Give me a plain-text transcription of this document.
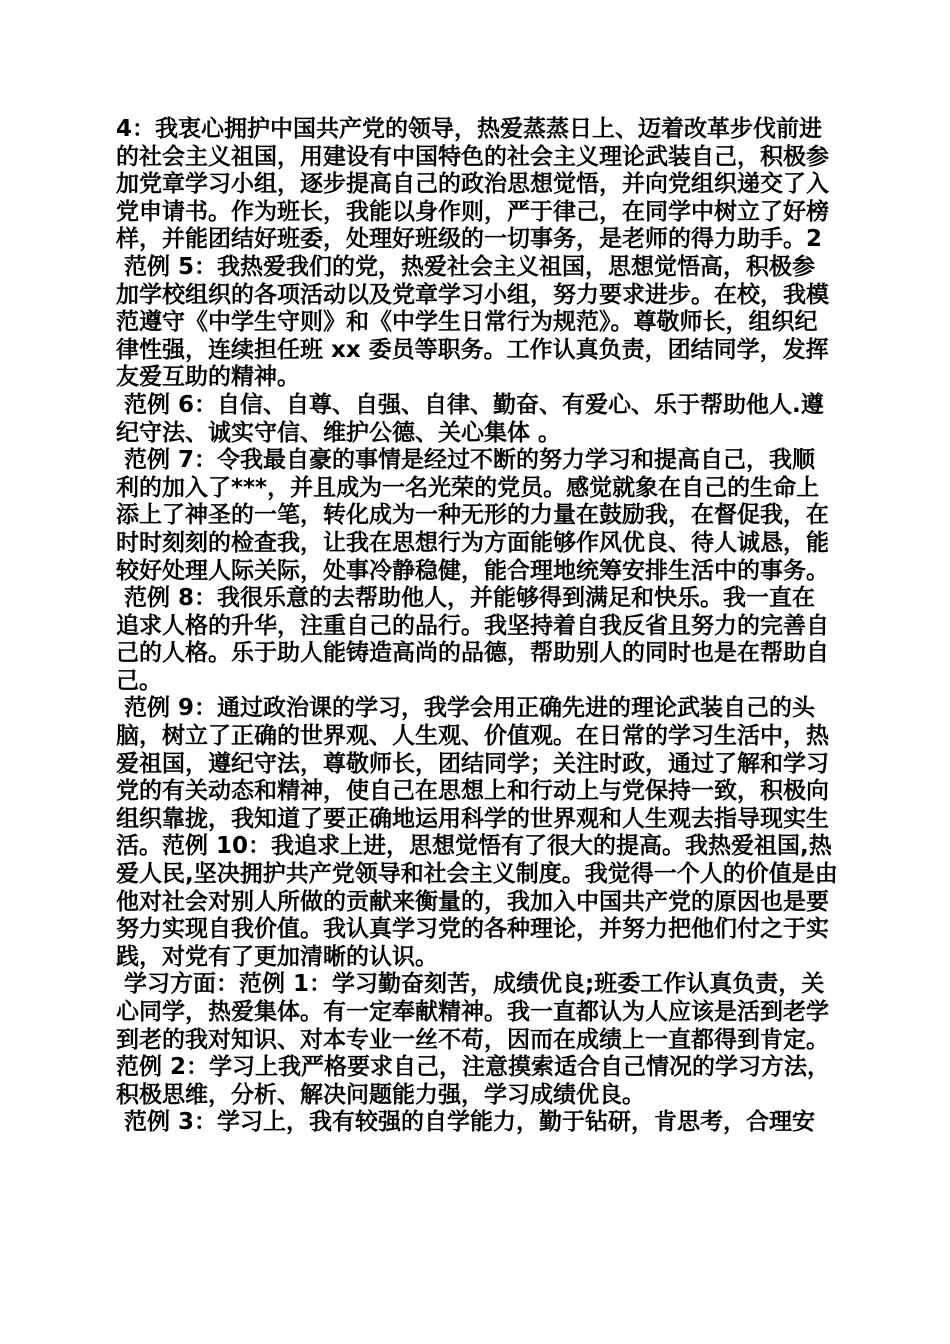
4：我衷心拥护中国共产党的领导，热爱蒸蒸日上、迈着改革步伐前进的社会主义祖国，用建设有中国特色的社会主义理论武装自己，积极参加党章学习小组，逐步提高自己的政治思想觉悟，并向党组织递交了入党申请书。作为班长，我能以身作则，严于律己，在同学中树立了好榜样，并能团结好班委，处理好班级的一切事务，是老师的得力助手。2

范例 5：我热爱我们的党，热爱社会主义祖国，思想觉悟高，积极参加学校组织的各项活动以及党章学习小组，努力要求进步。在校，我模范遵守《中学生守则》和《中学生日常行为规范》。尊敬师长，组织纪律性强，连续担任班 xx 委员等职务。工作认真负责，团结同学，发挥友爱互助的精神。

范例 6：自信、自尊、自强、自律、勤奋、有爱心、乐于帮助他人.遵纪守法、诚实守信、维护公德、关心集体 。

范例 7：令我最自豪的事情是经过不断的努力学习和提高自己，我顺利的加入了***，并且成为一名光荣的党员。感觉就象在自己的生命上添上了神圣的一笔，转化成为一种无形的力量在鼓励我，在督促我，在时时刻刻的检查我，让我在思想行为方面能够作风优良、待人诚恳，能较好处理人际关际，处事冷静稳健，能合理地统筹安排生活中的事务。

范例 8：我很乐意的去帮助他人，并能够得到满足和快乐。我一直在追求人格的升华，注重自己的品行。我坚持着自我反省且努力的完善自己的人格。乐于助人能铸造高尚的品德，帮助别人的同时也是在帮助自己。

范例 9：通过政治课的学习，我学会用正确先进的理论武装自己的头脑，树立了正确的世界观、人生观、价值观。在日常的学习生活中，热爱祖国，遵纪守法，尊敬师长，团结同学；关注时政，通过了解和学习党的有关动态和精神，使自己在思想上和行动上与党保持一致，积极向组织靠拢，我知道了要正确地运用科学的世界观和人生观去指导现实生活。范例 10：我追求上进，思想觉悟有了很大的提高。我热爱祖国,热爱人民,坚决拥护共产党领导和社会主义制度。我觉得一个人的价值是由他对社会对别人所做的贡献来衡量的，我加入中国共产党的原因也是要努力实现自我价值。我认真学习党的各种理论，并努力把他们付之于实践，对党有了更加清晰的认识。

学习方面：范例 1：学习勤奋刻苦，成绩优良;班委工作认真负责，关心同学，热爱集体。有一定奉献精神。我一直都认为人应该是活到老学到老的我对知识、对本专业一丝不苟，因而在成绩上一直都得到肯定。

范例 2：学习上我严格要求自己，注意摸索适合自己情况的学习方法，积极思维，分析、解决问题能力强，学习成绩优良。

范例 3：学习上，我有较强的自学能力，勤于钻研，肯思考，合理安
